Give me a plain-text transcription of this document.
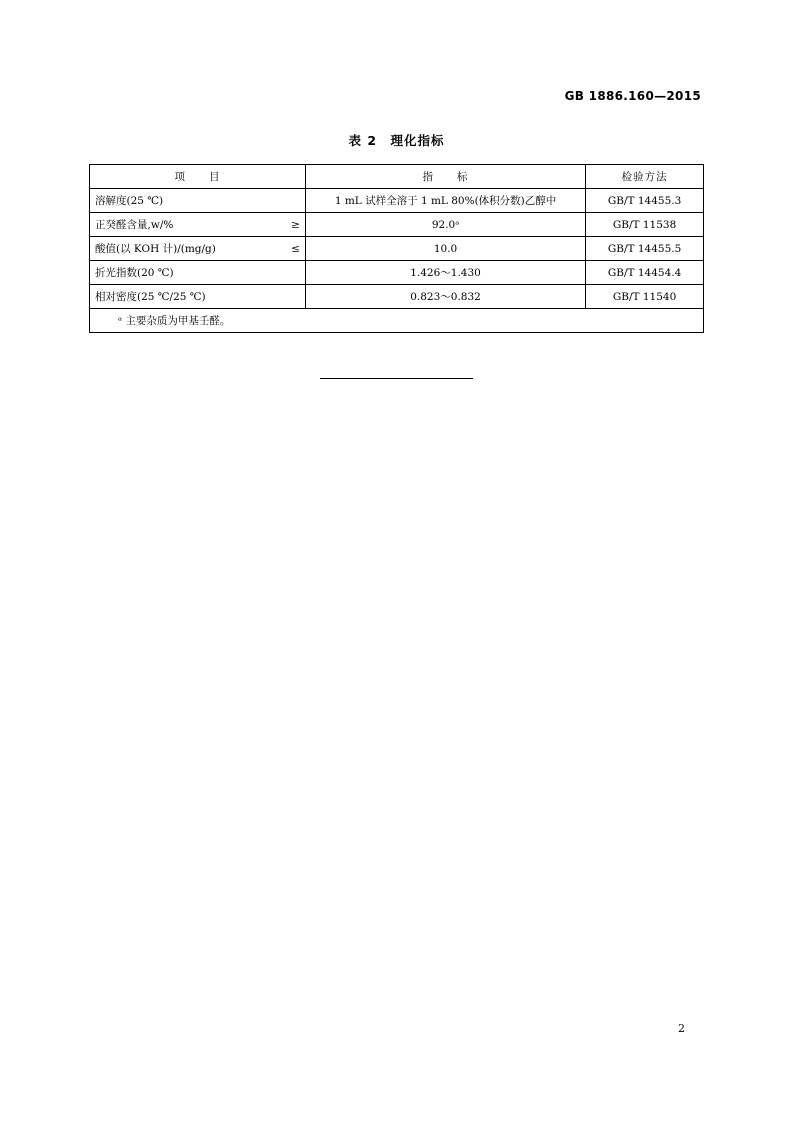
GB 1886.160—2015
表 2　理化指标
项　　目	指　　标	检验方法

溶解度(25 ℃)	1 mL 试样全溶于 1 mL 80%(体积分数)乙醇中	GB/T 14455.3

正癸醛含量,w/% ≥	92.0ᵃ	GB/T 11538

酸值(以 KOH 计)/(mg/g) ≤	10.0	GB/T 14455.5

折光指数(20 ℃)	1.426～1.430	GB/T 14454.4

相对密度(25 ℃/25 ℃)	0.823～0.832	GB/T 11540
ᵃ 主要杂质为甲基壬醛。		
2
